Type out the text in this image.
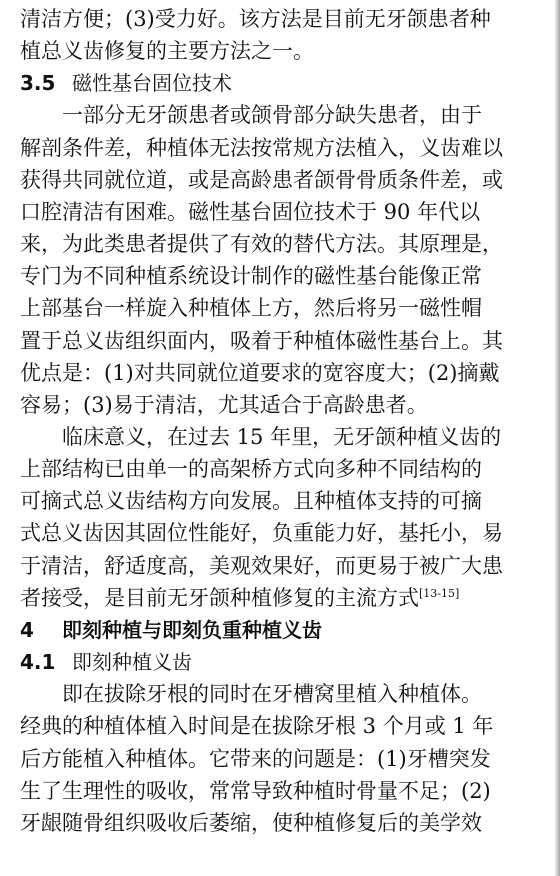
清洁方便；(3)受力好。该方法是目前无牙颌患者种
植总义齿修复的主要方法之一。
3.5 磁性基台固位技术
一部分无牙颌患者或颌骨部分缺失患者，由于
解剖条件差，种植体无法按常规方法植入，义齿难以
获得共同就位道，或是高龄患者颌骨骨质条件差，或
口腔清洁有困难。磁性基台固位技术于 90 年代以
来，为此类患者提供了有效的替代方法。其原理是，
专门为不同种植系统设计制作的磁性基台能像正常
上部基台一样旋入种植体上方，然后将另一磁性帽
置于总义齿组织面内，吸着于种植体磁性基台上。其
优点是：(1)对共同就位道要求的宽容度大；(2)摘戴
容易；(3)易于清洁，尤其适合于高龄患者。
临床意义，在过去 15 年里，无牙颌种植义齿的
上部结构已由单一的高架桥方式向多种不同结构的
可摘式总义齿结构方向发展。且种植体支持的可摘
式总义齿因其固位性能好，负重能力好，基托小，易
于清洁，舒适度高，美观效果好，而更易于被广大患
者接受，是目前无牙颌种植修复的主流方式[13-15]
4 即刻种植与即刻负重种植义齿
4.1 即刻种植义齿
即在拔除牙根的同时在牙槽窝里植入种植体。
经典的种植体植入时间是在拔除牙根 3 个月或 1 年
后方能植入种植体。它带来的问题是：(1)牙槽突发
生了生理性的吸收，常常导致种植时骨量不足；(2)
牙龈随骨组织吸收后萎缩，使种植修复后的美学效
